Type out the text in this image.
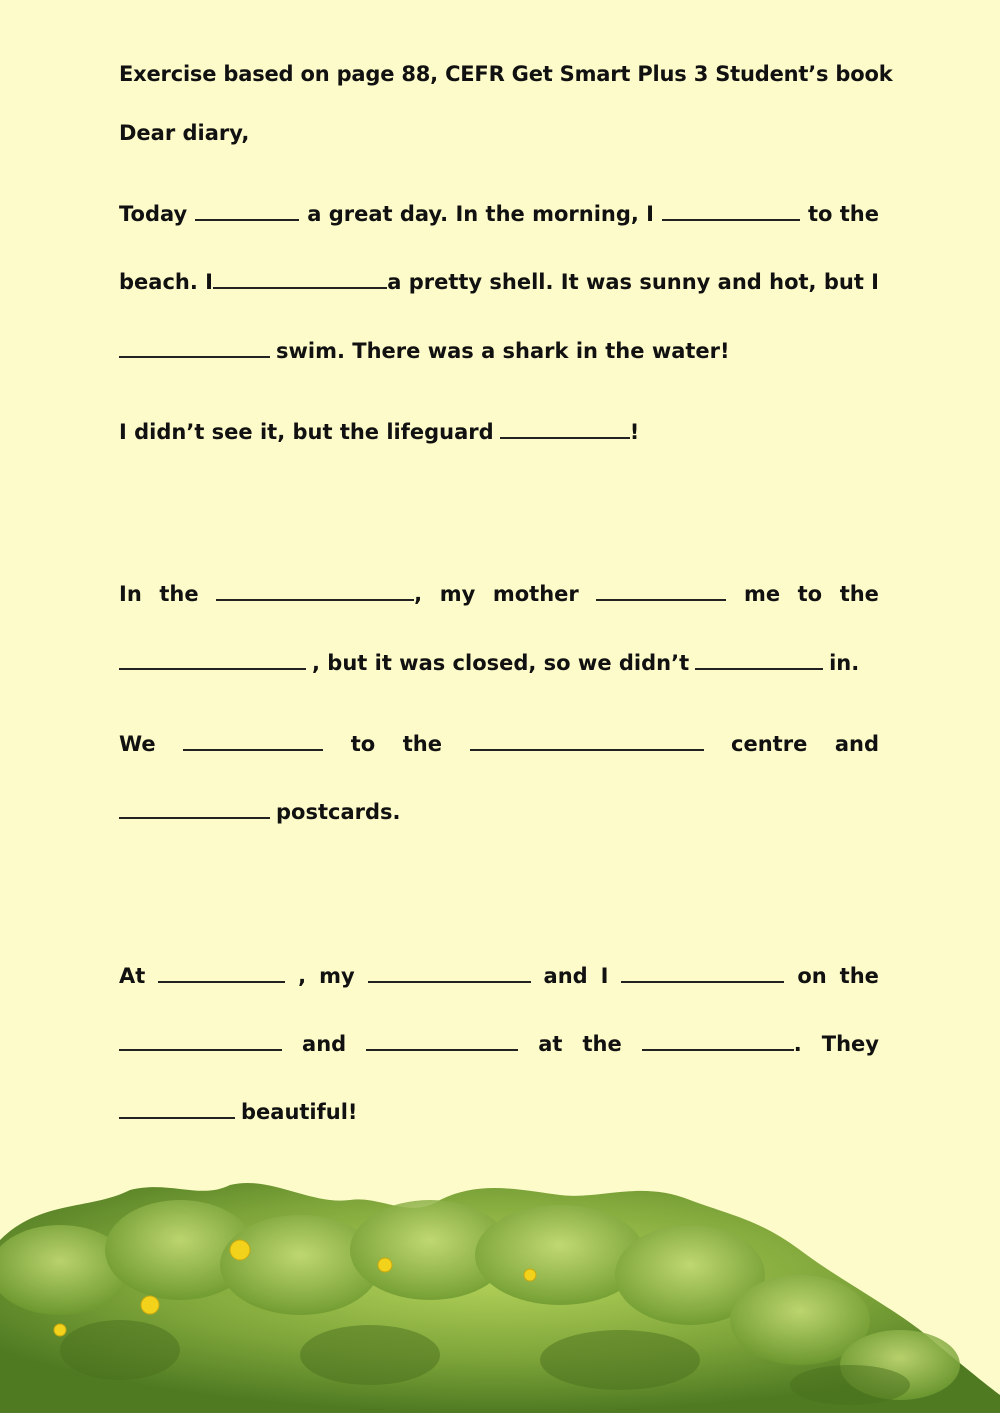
Exercise based on page 88, CEFR Get Smart Plus 3 Student’s book
Dear diary,
Today	a great day. In the morning, I	to the
beach. I	a pretty shell. It was sunny and hot, but I
swim. There was a shark in the water!
I didn’t see it, but the lifeguard	!
In the	, my mother	me to the
, but it was closed, so we didn’t	in.
We	to the	centre and
postcards.
At	, my	and I	on the
and	at the	. They
beautiful!
